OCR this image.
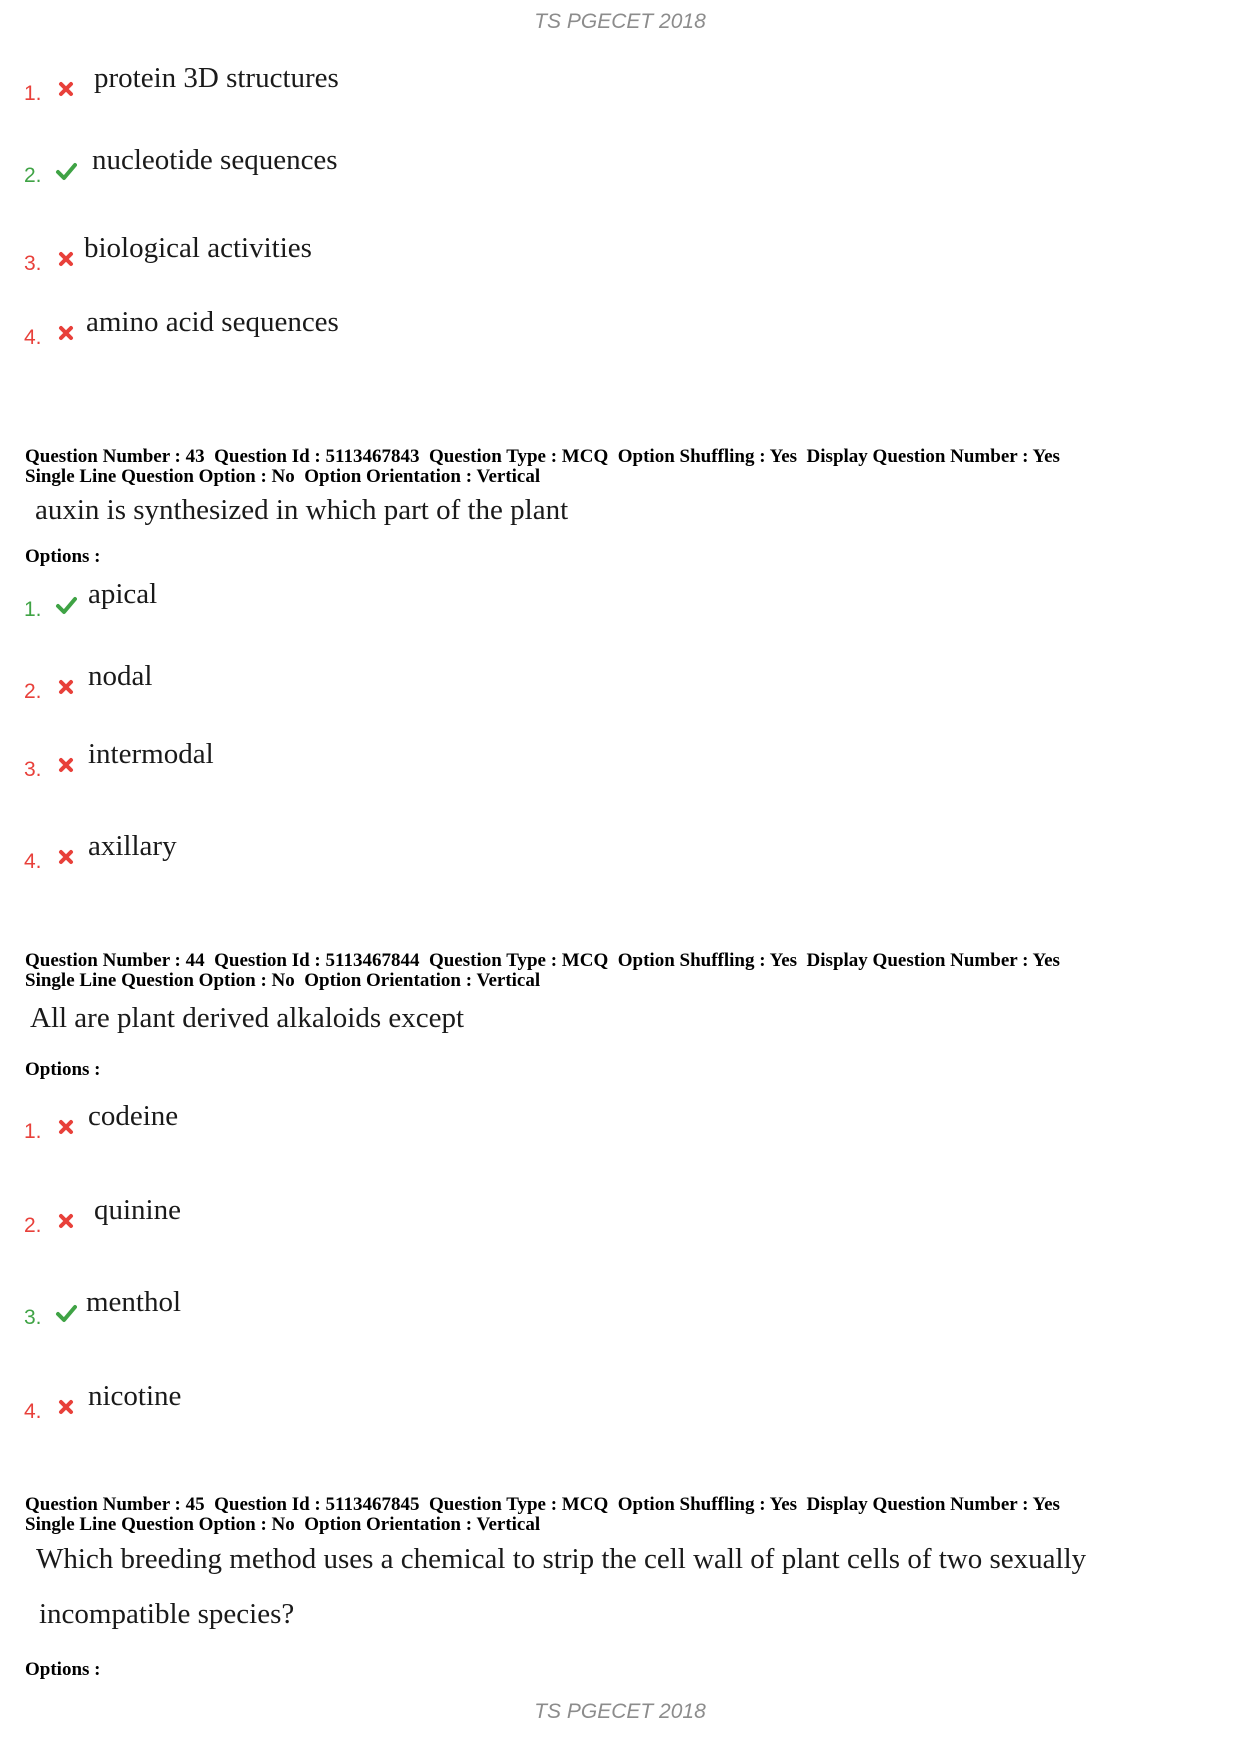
TS PGECET 2018
1. protein 3D structures
2. nucleotide sequences
3. biological activities
4. amino acid sequences
Question Number : 43  Question Id : 5113467843  Question Type : MCQ  Option Shuffling : Yes  Display Question Number : Yes
Single Line Question Option : No  Option Orientation : Vertical
auxin is synthesized in which part of the plant
Options :
1. apical
2. nodal
3. intermodal
4. axillary
Question Number : 44  Question Id : 5113467844  Question Type : MCQ  Option Shuffling : Yes  Display Question Number : Yes
Single Line Question Option : No  Option Orientation : Vertical
All are plant derived alkaloids except
Options :
1. codeine
2. quinine
3. menthol
4. nicotine
Question Number : 45  Question Id : 5113467845  Question Type : MCQ  Option Shuffling : Yes  Display Question Number : Yes
Single Line Question Option : No  Option Orientation : Vertical
Which breeding method uses a chemical to strip the cell wall of plant cells of two sexually
incompatible species?
Options :
TS PGECET 2018
